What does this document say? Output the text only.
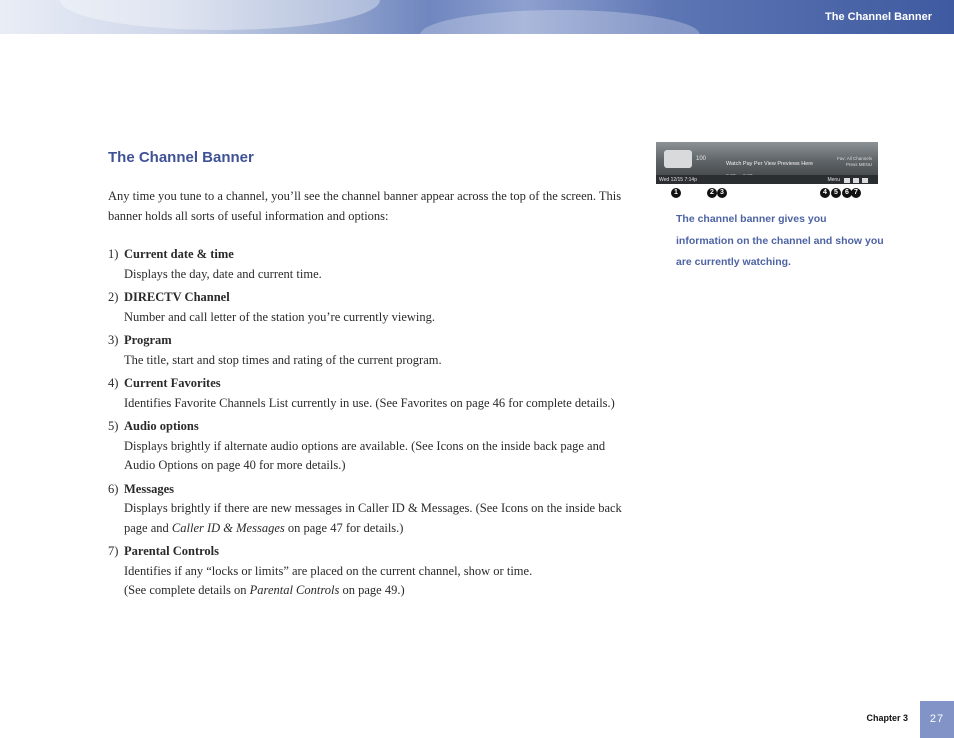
The Channel Banner
The Channel Banner

Any time you tune to a channel, you’ll see the channel banner appear across the top of the screen. This banner holds all sorts of useful information and options:

1) Current date & time
Displays the day, date and current time.
2) DIRECTV Channel
Number and call letter of the station you’re currently viewing.
3) Program
The title, start and stop times and rating of the current program.
4) Current Favorites
Identifies Favorite Channels List currently in use. (See Favorites on page 46 for complete details.)
5) Audio options
Displays brightly if alternate audio options are available. (See Icons on the inside back page and Audio Options on page 40 for more details.)
6) Messages
Displays brightly if there are new messages in Caller ID & Messages. (See Icons on the inside back page and Caller ID & Messages on page 47 for details.)
7) Parental Controls
Identifies if any “locks or limits” are placed on the current channel, show or time.
(See complete details on Parental Controls on page 49.)
100
Watch Pay Per View Previews Here
Fav: All Channels
Press MENU
Wed 12/15 7:14p	Menu
1	2 3	4	5	6 7

The channel banner gives you information on the channel and show you are currently watching.

Chapter 3	27
